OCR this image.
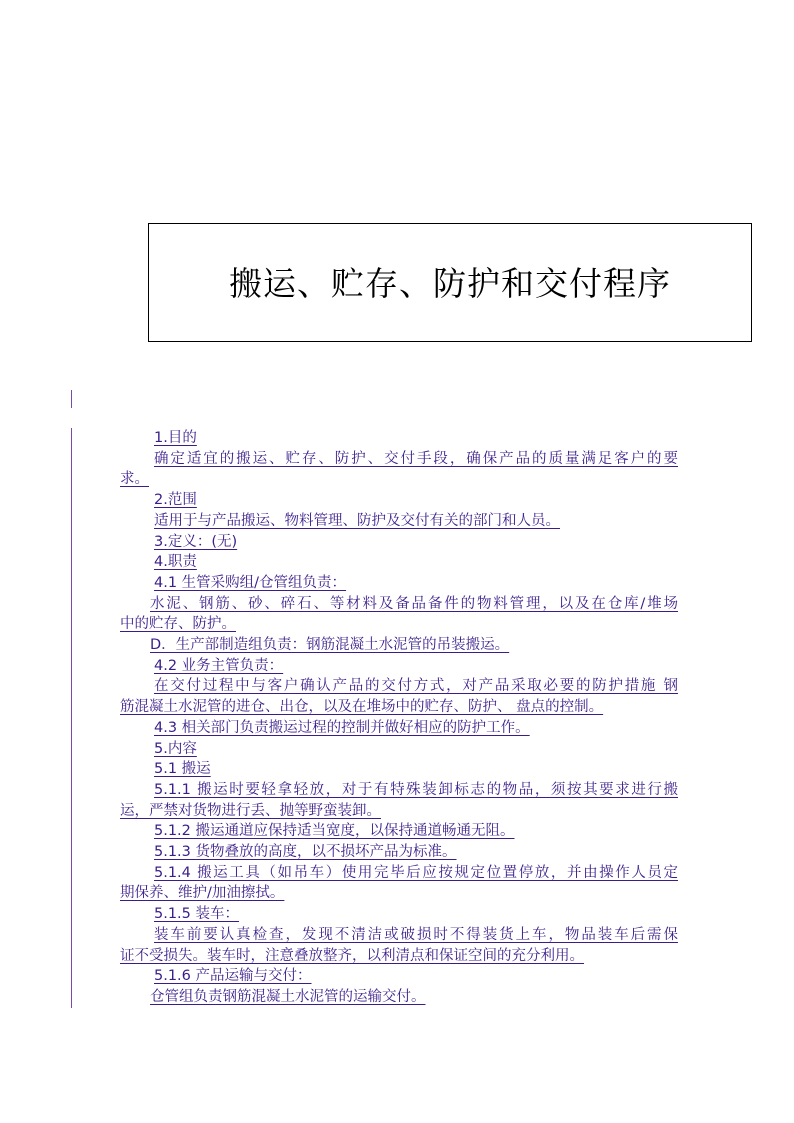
搬运、贮存、防护和交付程序
1.目的
确定适宜的搬运、贮存、防护、交付手段，确保产品的质量满足客户的要
求。
2.范围
适用于与产品搬运、物料管理、防护及交付有关的部门和人员。
3.定义：(无)
4.职责
4.1 生管采购组/仓管组负责：
水泥、钢筋、砂、碎石、等材料及备品备件的物料管理，以及在仓库/堆场
中的贮存、防护。
D．生产部制造组负责：钢筋混凝土水泥管的吊装搬运。
4.2 业务主管负责：
在交付过程中与客户确认产品的交付方式，对产品采取必要的防护措施 钢
筋混凝土水泥管的进仓、出仓，以及在堆场中的贮存、防护、 盘点的控制。
4.3 相关部门负责搬运过程的控制并做好相应的防护工作。
5.内容
5.1 搬运
5.1.1 搬运时要轻拿轻放，对于有特殊装卸标志的物品，须按其要求进行搬
运，严禁对货物进行丢、抛等野蛮装卸。
5.1.2 搬运通道应保持适当宽度，以保持通道畅通无阻。
5.1.3 货物叠放的高度，以不损坏产品为标准。
5.1.4 搬运工具（如吊车）使用完毕后应按规定位置停放，并由操作人员定
期保养、维护/加油擦拭。
5.1.5 装车：
装车前要认真检查，发现不清洁或破损时不得装货上车，物品装车后需保
证不受损失。装车时，注意叠放整齐，以利清点和保证空间的充分利用。
5.1.6 产品运输与交付：
仓管组负责钢筋混凝土水泥管的运输交付。
